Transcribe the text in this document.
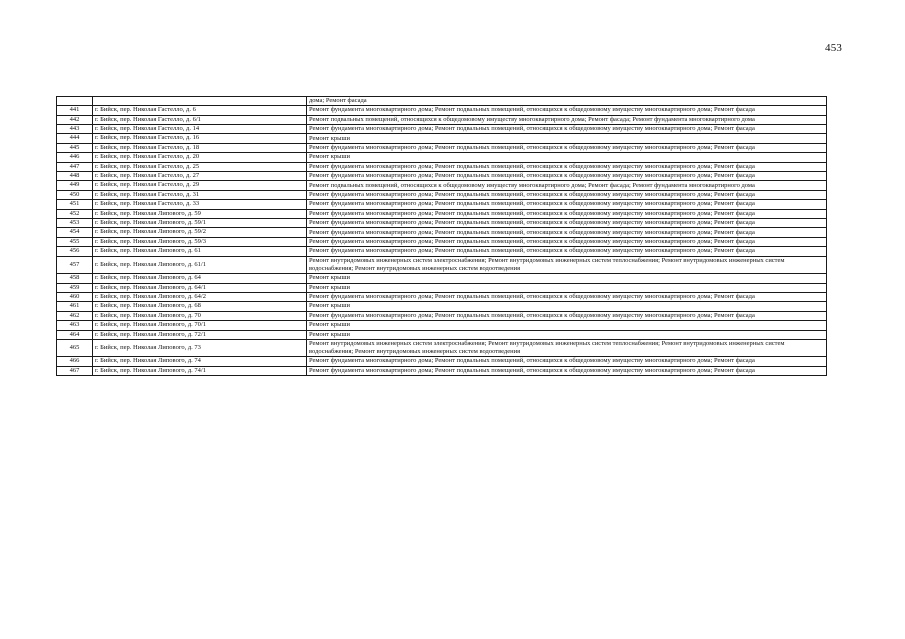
453
		дома; Ремонт фасада
441	г. Бийск, пер. Николая Гастелло, д. 6	Ремонт фундамента многоквартирного дома; Ремонт подвальных помещений, относящихся к общедомовому имуществу многоквартирного дома; Ремонт фасада
442	г. Бийск, пер. Николая Гастелло, д. 6/1	Ремонт подвальных помещений, относящихся к общедомовому имуществу многоквартирного дома; Ремонт фасада; Ремонт фундамента многоквартирного дома
443	г. Бийск, пер. Николая Гастелло, д. 14	Ремонт фундамента многоквартирного дома; Ремонт подвальных помещений, относящихся к общедомовому имуществу многоквартирного дома; Ремонт фасада
444	г. Бийск, пер. Николая Гастелло, д. 16	Ремонт крыши
445	г. Бийск, пер. Николая Гастелло, д. 18	Ремонт фундамента многоквартирного дома; Ремонт подвальных помещений, относящихся к общедомовому имуществу многоквартирного дома; Ремонт фасада
446	г. Бийск, пер. Николая Гастелло, д. 20	Ремонт крыши
447	г. Бийск, пер. Николая Гастелло, д. 25	Ремонт фундамента многоквартирного дома; Ремонт подвальных помещений, относящихся к общедомовому имуществу многоквартирного дома; Ремонт фасада
448	г. Бийск, пер. Николая Гастелло, д. 27	Ремонт фундамента многоквартирного дома; Ремонт подвальных помещений, относящихся к общедомовому имуществу многоквартирного дома; Ремонт фасада
449	г. Бийск, пер. Николая Гастелло, д. 29	Ремонт подвальных помещений, относящихся к общедомовому имуществу многоквартирного дома; Ремонт фасада; Ремонт фундамента многоквартирного дома
450	г. Бийск, пер. Николая Гастелло, д. 31	Ремонт фундамента многоквартирного дома; Ремонт подвальных помещений, относящихся к общедомовому имуществу многоквартирного дома; Ремонт фасада
451	г. Бийск, пер. Николая Гастелло, д. 33	Ремонт фундамента многоквартирного дома; Ремонт подвальных помещений, относящихся к общедомовому имуществу многоквартирного дома; Ремонт фасада
452	г. Бийск, пер. Николая Липового, д. 59	Ремонт фундамента многоквартирного дома; Ремонт подвальных помещений, относящихся к общедомовому имуществу многоквартирного дома; Ремонт фасада
453	г. Бийск, пер. Николая Липового, д. 59/1	Ремонт фундамента многоквартирного дома; Ремонт подвальных помещений, относящихся к общедомовому имуществу многоквартирного дома; Ремонт фасада
454	г. Бийск, пер. Николая Липового, д. 59/2	Ремонт фундамента многоквартирного дома; Ремонт подвальных помещений, относящихся к общедомовому имуществу многоквартирного дома; Ремонт фасада
455	г. Бийск, пер. Николая Липового, д. 59/3	Ремонт фундамента многоквартирного дома; Ремонт подвальных помещений, относящихся к общедомовому имуществу многоквартирного дома; Ремонт фасада
456	г. Бийск, пер. Николая Липового, д. 61	Ремонт фундамента многоквартирного дома; Ремонт подвальных помещений, относящихся к общедомовому имуществу многоквартирного дома; Ремонт фасада
457	г. Бийск, пер. Николая Липового, д. 61/1	Ремонт внутридомовых инженерных систем электроснабжения; Ремонт внутридомовых инженерных систем теплоснабжения; Ремонт внутридомовых инженерных систем водоснабжения; Ремонт внутридомовых инженерных систем водоотведения
458	г. Бийск, пер. Николая Липового, д. 64	Ремонт крыши
459	г. Бийск, пер. Николая Липового, д. 64/1	Ремонт крыши
460	г. Бийск, пер. Николая Липового, д. 64/2	Ремонт фундамента многоквартирного дома; Ремонт подвальных помещений, относящихся к общедомовому имуществу многоквартирного дома; Ремонт фасада
461	г. Бийск, пер. Николая Липового, д. 68	Ремонт крыши
462	г. Бийск, пер. Николая Липового, д. 70	Ремонт фундамента многоквартирного дома; Ремонт подвальных помещений, относящихся к общедомовому имуществу многоквартирного дома; Ремонт фасада
463	г. Бийск, пер. Николая Липового, д. 70/1	Ремонт крыши
464	г. Бийск, пер. Николая Липового, д. 72/1	Ремонт крыши
465	г. Бийск, пер. Николая Липового, д. 73	Ремонт внутридомовых инженерных систем электроснабжения; Ремонт внутридомовых инженерных систем теплоснабжения; Ремонт внутридомовых инженерных систем водоснабжения; Ремонт внутридомовых инженерных систем водоотведения
466	г. Бийск, пер. Николая Липового, д. 74	Ремонт фундамента многоквартирного дома; Ремонт подвальных помещений, относящихся к общедомовому имуществу многоквартирного дома; Ремонт фасада
467	г. Бийск, пер. Николая Липового, д. 74/1	Ремонт фундамента многоквартирного дома; Ремонт подвальных помещений, относящихся к общедомовому имуществу многоквартирного дома; Ремонт фасада
